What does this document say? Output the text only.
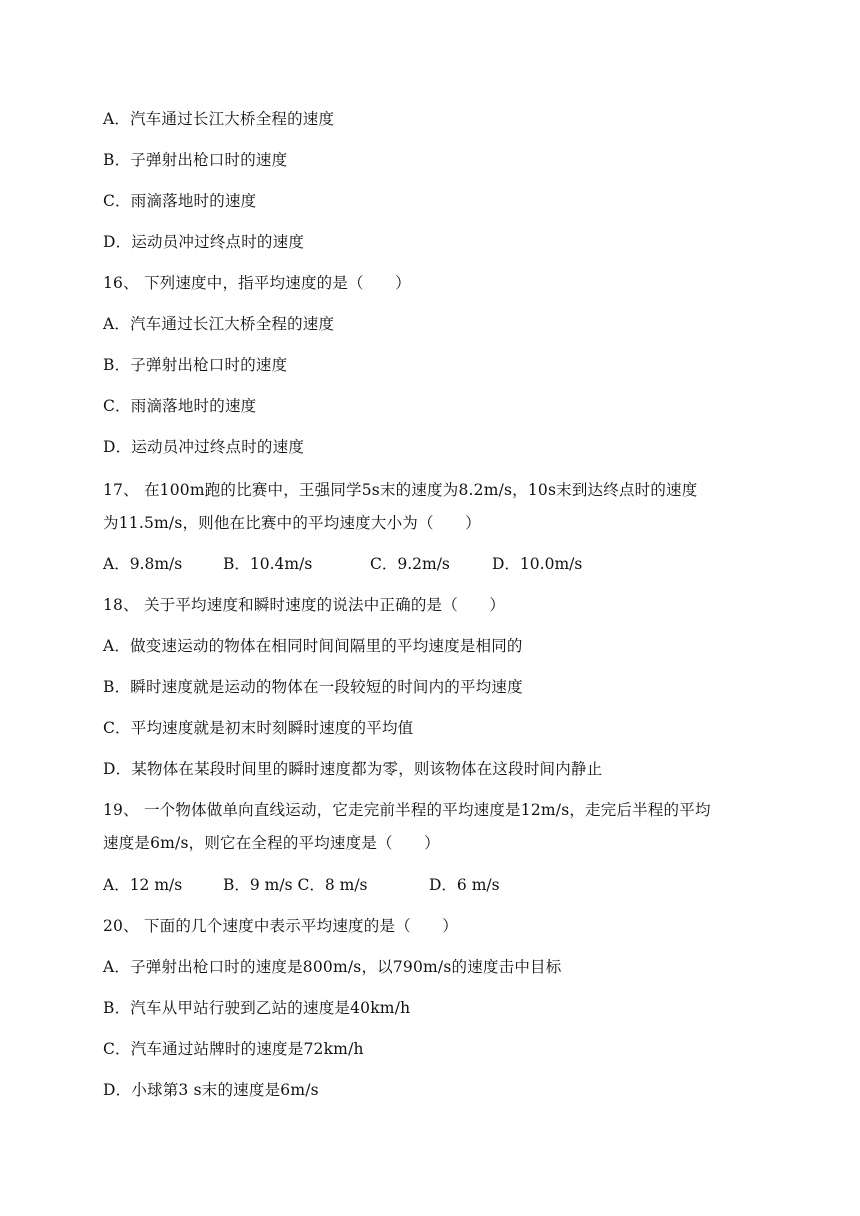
A．汽车通过长江大桥全程的速度
B．子弹射出枪口时的速度
C．雨滴落地时的速度
D．运动员冲过终点时的速度
16、 下列速度中，指平均速度的是（　　）
A．汽车通过长江大桥全程的速度
B．子弹射出枪口时的速度
C．雨滴落地时的速度
D．运动员冲过终点时的速度
17、 在100m跑的比赛中，王强同学5s末的速度为8.2m/s，10s末到达终点时的速度
为11.5m/s，则他在比赛中的平均速度大小为（　　）
A．9.8m/s	B．10.4m/s	C．9.2m/s	D．10.0m/s
18、 关于平均速度和瞬时速度的说法中正确的是（　　）
A．做变速运动的物体在相同时间间隔里的平均速度是相同的
B．瞬时速度就是运动的物体在一段较短的时间内的平均速度
C．平均速度就是初末时刻瞬时速度的平均值
D．某物体在某段时间里的瞬时速度都为零，则该物体在这段时间内静止
19、 一个物体做单向直线运动，它走完前半程的平均速度是12m/s，走完后半程的平均
速度是6m/s，则它在全程的平均速度是（　　）
A．12 m/s	B．9 m/s C．8 m/s	D．6 m/s
20、 下面的几个速度中表示平均速度的是（　　）
A．子弹射出枪口时的速度是800m/s，以790m/s的速度击中目标
B．汽车从甲站行驶到乙站的速度是40km/h
C．汽车通过站牌时的速度是72km/h
D．小球第3 s末的速度是6m/s
